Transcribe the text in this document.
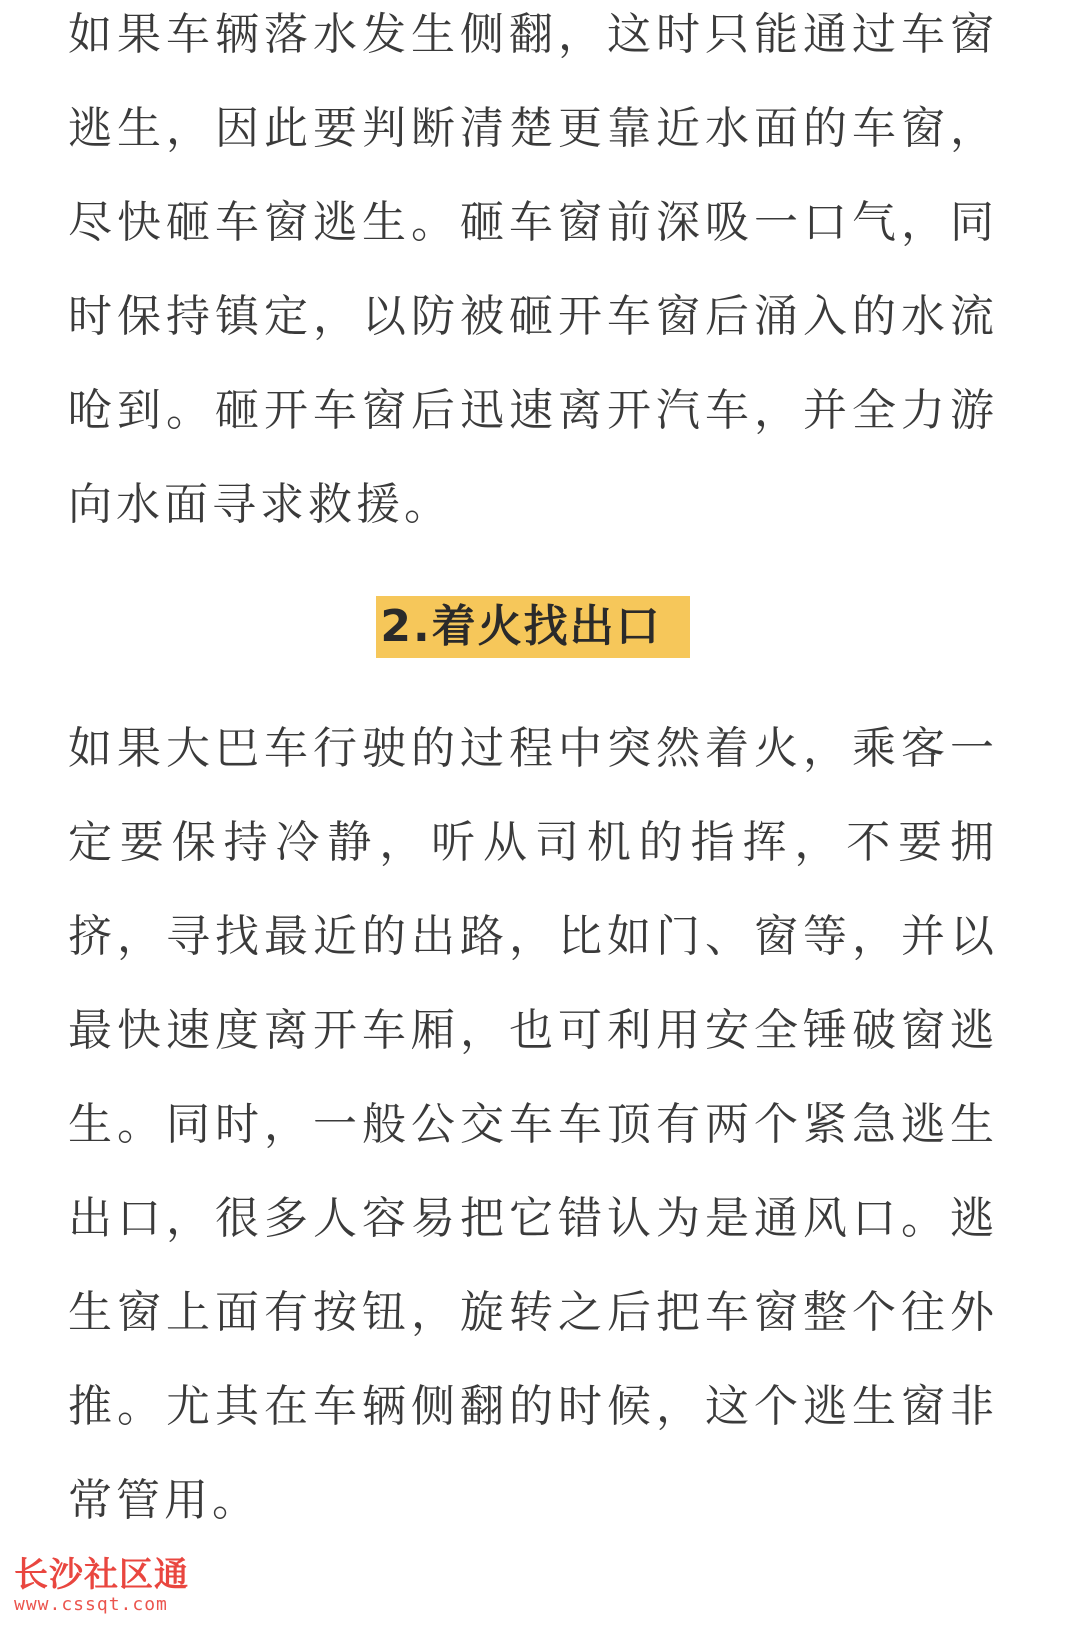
如果车辆落水发生侧翻，这时只能通过车窗逃生，因此要判断清楚更靠近水面的车窗，尽快砸车窗逃生。砸车窗前深吸一口气，同时保持镇定，以防被砸开车窗后涌入的水流呛到。砸开车窗后迅速离开汽车，并全力游向水面寻求救援。

2.着火找出口

如果大巴车行驶的过程中突然着火，乘客一定要保持冷静，听从司机的指挥，不要拥挤，寻找最近的出路，比如门、窗等，并以最快速度离开车厢，也可利用安全锤破窗逃生。同时，一般公交车车顶有两个紧急逃生出口，很多人容易把它错认为是通风口。逃生窗上面有按钮，旋转之后把车窗整个往外推。尤其在车辆侧翻的时候，这个逃生窗非常管用。

长沙社区通
www.cssqt.com
